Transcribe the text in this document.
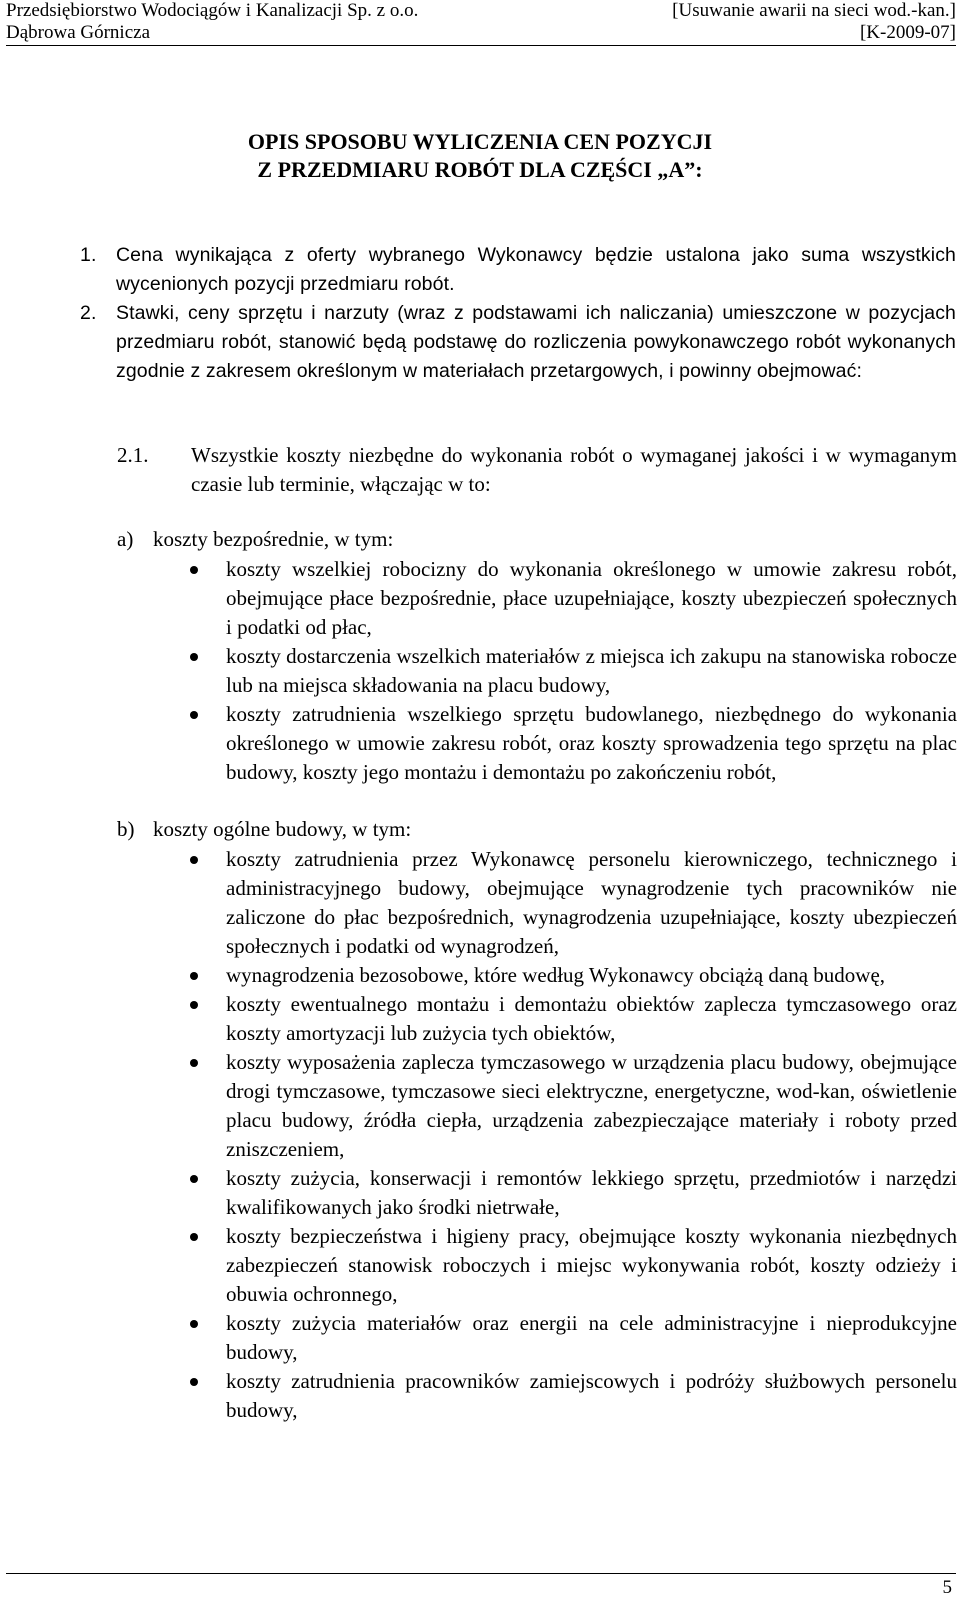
Przedsiębiorstwo Wodociągów i Kanalizacji Sp. z o.o.	[Usuwanie awarii na sieci wod.-kan.]
Dąbrowa Górnicza	[K-2009-07]
OPIS SPOSOBU WYLICZENIA CEN POZYCJI
Z PRZEDMIARU ROBÓT DLA CZĘŚCI „A”:
1.	Cena wynikająca z oferty wybranego Wykonawcy będzie ustalona jako suma wszystkich wycenionych pozycji przedmiaru robót.
2.	Stawki, ceny sprzętu i narzuty (wraz z podstawami ich naliczania) umieszczone w pozycjach przedmiaru robót, stanowić będą podstawę do rozliczenia powykonawczego robót wykonanych zgodnie z zakresem określonym w materiałach przetargowych, i powinny obejmować:
2.1.	Wszystkie koszty niezbędne do wykonania robót o wymaganej jakości i w wymaganym czasie lub terminie, włączając w to:
a) koszty bezpośrednie, w tym:
koszty wszelkiej robocizny do wykonania określonego w umowie zakresu robót, obejmujące płace bezpośrednie, płace uzupełniające, koszty ubezpieczeń społecznych i podatki od płac,
koszty dostarczenia wszelkich materiałów z miejsca ich zakupu na stanowiska robocze lub na miejsca składowania na placu budowy,
koszty zatrudnienia wszelkiego sprzętu budowlanego, niezbędnego do wykonania określonego w umowie zakresu robót, oraz koszty sprowadzenia tego sprzętu na plac budowy, koszty jego montażu i demontażu po zakończeniu robót,
b) koszty ogólne budowy, w tym:
koszty zatrudnienia przez Wykonawcę personelu kierowniczego, technicznego i administracyjnego budowy, obejmujące wynagrodzenie tych pracowników nie zaliczone do płac bezpośrednich, wynagrodzenia uzupełniające, koszty ubezpieczeń społecznych i podatki od wynagrodzeń,
wynagrodzenia bezosobowe, które według Wykonawcy obciążą daną budowę,
koszty ewentualnego montażu i demontażu obiektów zaplecza tymczasowego oraz koszty amortyzacji lub zużycia tych obiektów,
koszty wyposażenia zaplecza tymczasowego w urządzenia placu budowy, obejmujące drogi tymczasowe, tymczasowe sieci elektryczne, energetyczne, wod-kan, oświetlenie placu budowy, źródła ciepła, urządzenia zabezpieczające materiały i roboty przed zniszczeniem,
koszty zużycia, konserwacji i remontów lekkiego sprzętu, przedmiotów i narzędzi kwalifikowanych jako środki nietrwałe,
koszty bezpieczeństwa i higieny pracy, obejmujące koszty wykonania niezbędnych zabezpieczeń stanowisk roboczych i miejsc wykonywania robót, koszty odzieży i obuwia ochronnego,
koszty zużycia materiałów oraz energii na cele administracyjne i nieprodukcyjne budowy,
koszty zatrudnienia pracowników zamiejscowych i podróży służbowych personelu budowy,
5
